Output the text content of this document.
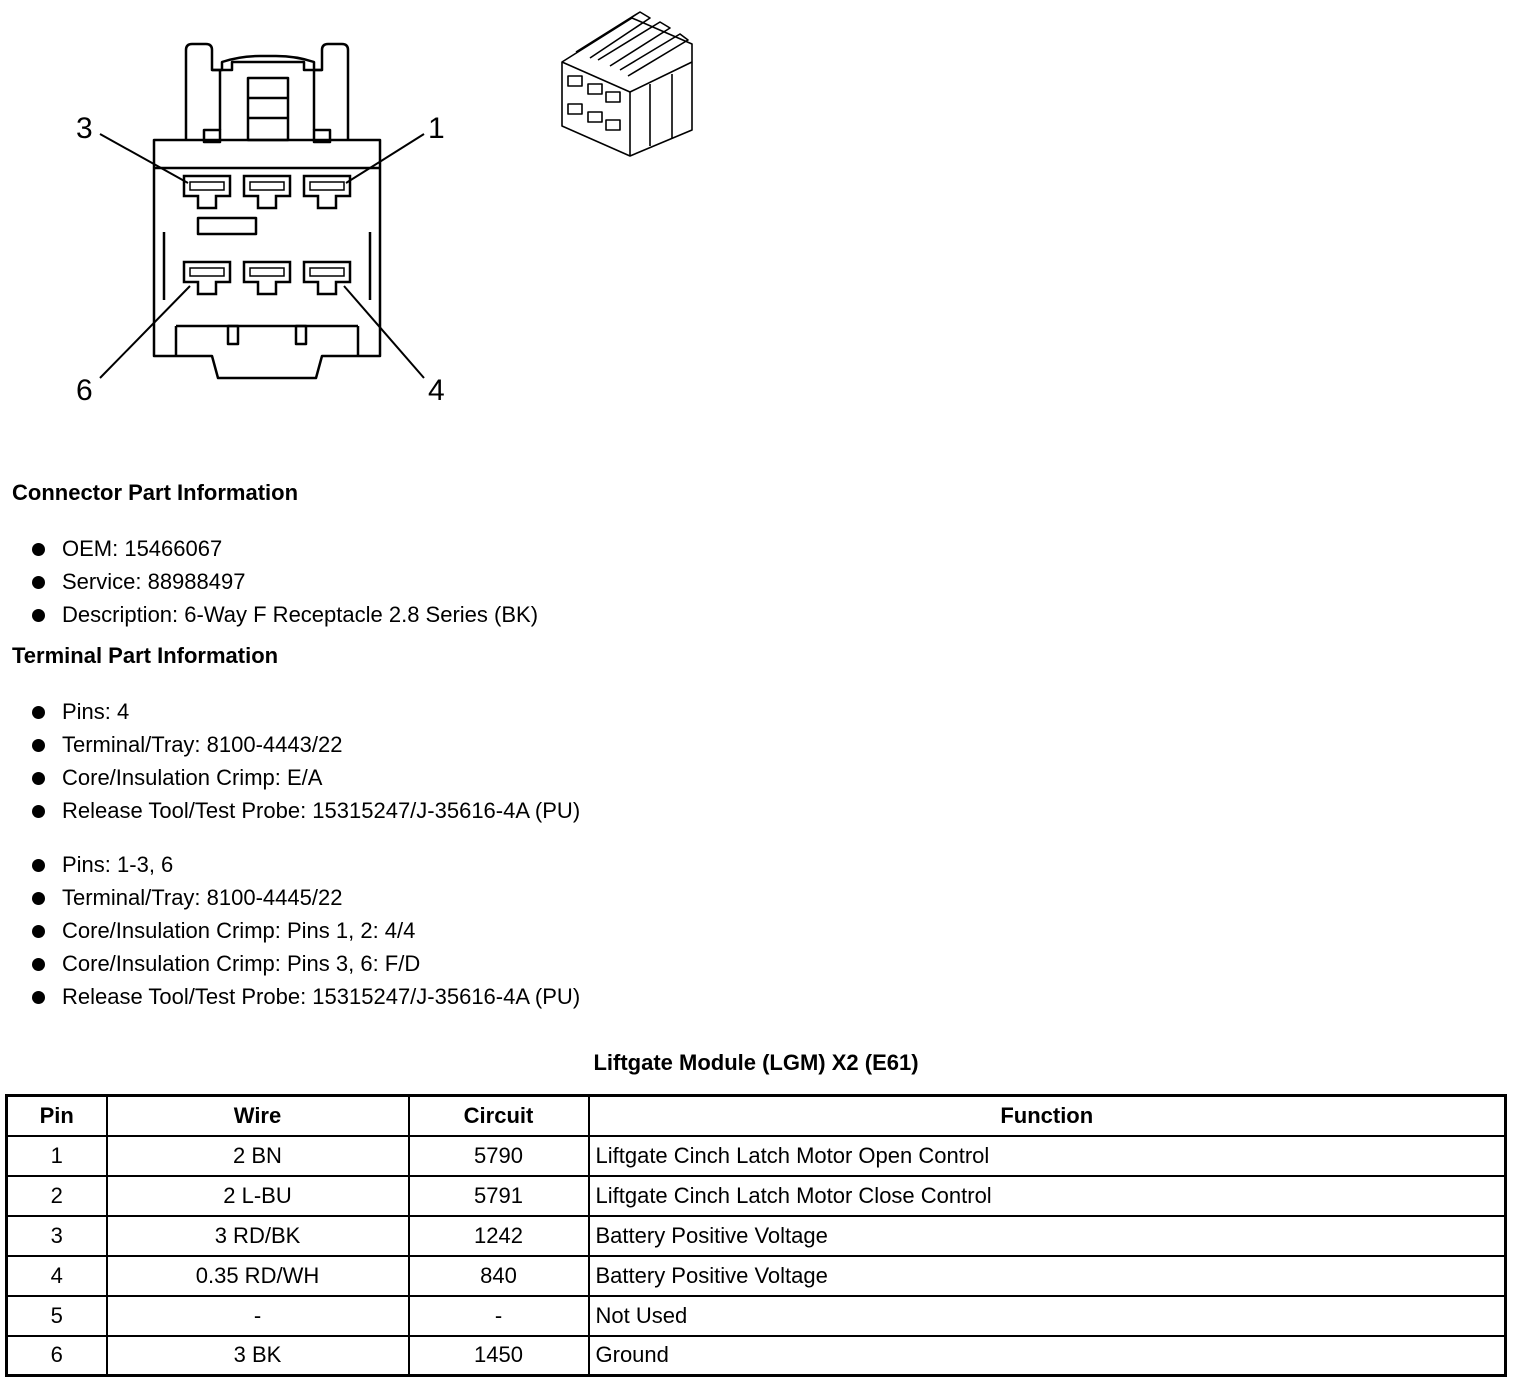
3	1
6	4
Connector Part Information
OEM: 15466067
Service: 88988497
Description: 6-Way F Receptacle 2.8 Series (BK)
Terminal Part Information
Pins: 4
Terminal/Tray: 8100-4443/22
Core/Insulation Crimp: E/A
Release Tool/Test Probe: 15315247/J-35616-4A (PU)
Pins: 1-3, 6
Terminal/Tray: 8100-4445/22
Core/Insulation Crimp: Pins 1, 2: 4/4
Core/Insulation Crimp: Pins 3, 6: F/D
Release Tool/Test Probe: 15315247/J-35616-4A (PU)
Liftgate Module (LGM) X2 (E61)
Pin	Wire	Circuit	Function
1	2 BN	5790	Liftgate Cinch Latch Motor Open Control
2	2 L-BU	5791	Liftgate Cinch Latch Motor Close Control
3	3 RD/BK	1242	Battery Positive Voltage
4	0.35 RD/WH	840	Battery Positive Voltage
5	-	-	Not Used
6	3 BK	1450	Ground
